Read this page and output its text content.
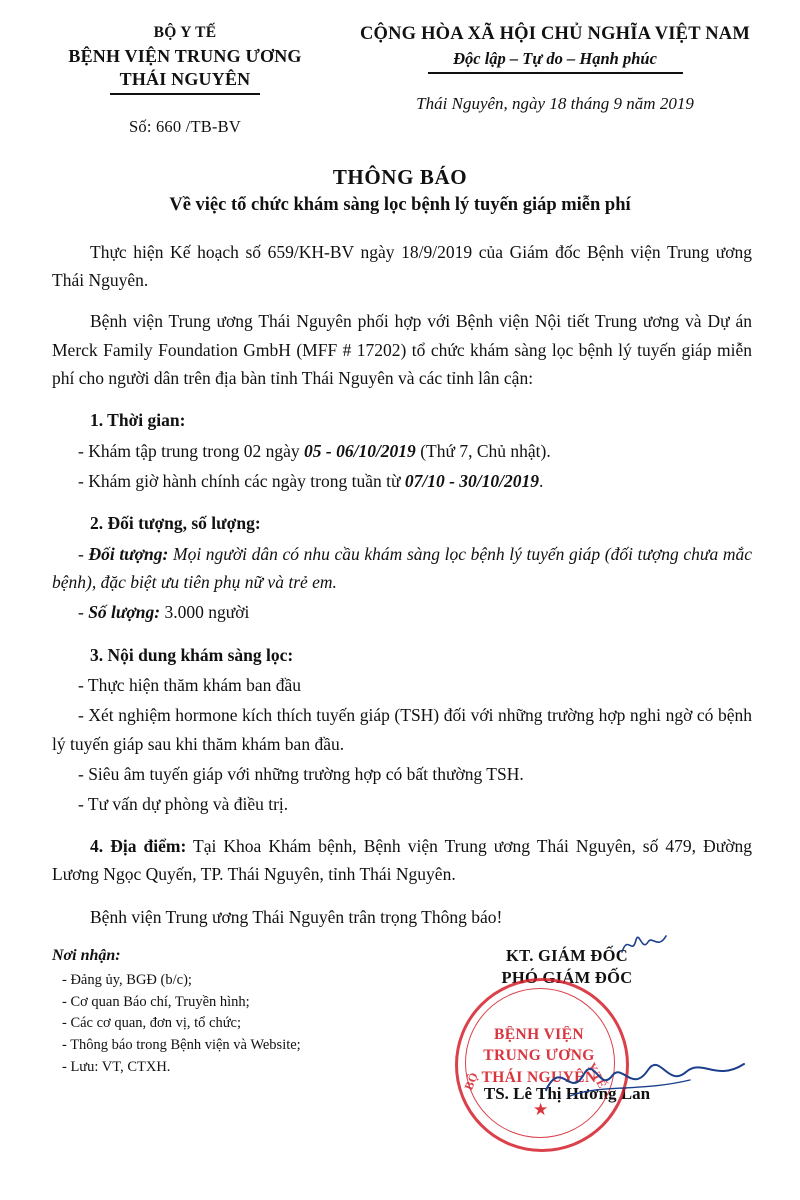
BỘ Y TẾ
BỆNH VIỆN TRUNG ƯƠNG
THÁI NGUYÊN
Số: 660 /TB-BV
CỘNG HÒA XÃ HỘI CHỦ NGHĨA VIỆT NAM
Độc lập – Tự do – Hạnh phúc
Thái Nguyên, ngày 18 tháng 9 năm 2019
THÔNG BÁO
Về việc tổ chức khám sàng lọc bệnh lý tuyến giáp miễn phí
Thực hiện Kế hoạch số 659/KH-BV ngày 18/9/2019 của Giám đốc Bệnh viện Trung ương Thái Nguyên.
Bệnh viện Trung ương Thái Nguyên phối hợp với Bệnh viện Nội tiết Trung ương và Dự án Merck Family Foundation GmbH (MFF # 17202) tổ chức khám sàng lọc bệnh lý tuyến giáp miễn phí cho người dân trên địa bàn tỉnh Thái Nguyên và các tỉnh lân cận:
1. Thời gian:
- Khám tập trung trong 02 ngày 05 - 06/10/2019 (Thứ 7, Chủ nhật).
- Khám giờ hành chính các ngày trong tuần từ 07/10 - 30/10/2019.
2. Đối tượng, số lượng:
- Đối tượng: Mọi người dân có nhu cầu khám sàng lọc bệnh lý tuyến giáp (đối tượng chưa mắc bệnh), đặc biệt ưu tiên phụ nữ và trẻ em.
- Số lượng: 3.000 người
3. Nội dung khám sàng lọc:
- Thực hiện thăm khám ban đầu
- Xét nghiệm hormone kích thích tuyến giáp (TSH) đối với những trường hợp nghi ngờ có bệnh lý tuyến giáp sau khi thăm khám ban đầu.
- Siêu âm tuyến giáp với những trường hợp có bất thường TSH.
- Tư vấn dự phòng và điều trị.
4. Địa điểm: Tại Khoa Khám bệnh, Bệnh viện Trung ương Thái Nguyên, số 479, Đường Lương Ngọc Quyến, TP. Thái Nguyên, tỉnh Thái Nguyên.
Bệnh viện Trung ương Thái Nguyên trân trọng Thông báo!
Nơi nhận:
- Đảng ủy, BGĐ (b/c);
- Cơ quan Báo chí, Truyền hình;
- Các cơ quan, đơn vị, tổ chức;
- Thông báo trong Bệnh viện và Website;
- Lưu: VT, CTXH.
KT. GIÁM ĐỐC
PHÓ GIÁM ĐỐC
TS. Lê Thị Hương Lan
BỘ	Y TẾ
BỆNH VIỆN
TRUNG ƯƠNG
THÁI NGUYÊN
★
